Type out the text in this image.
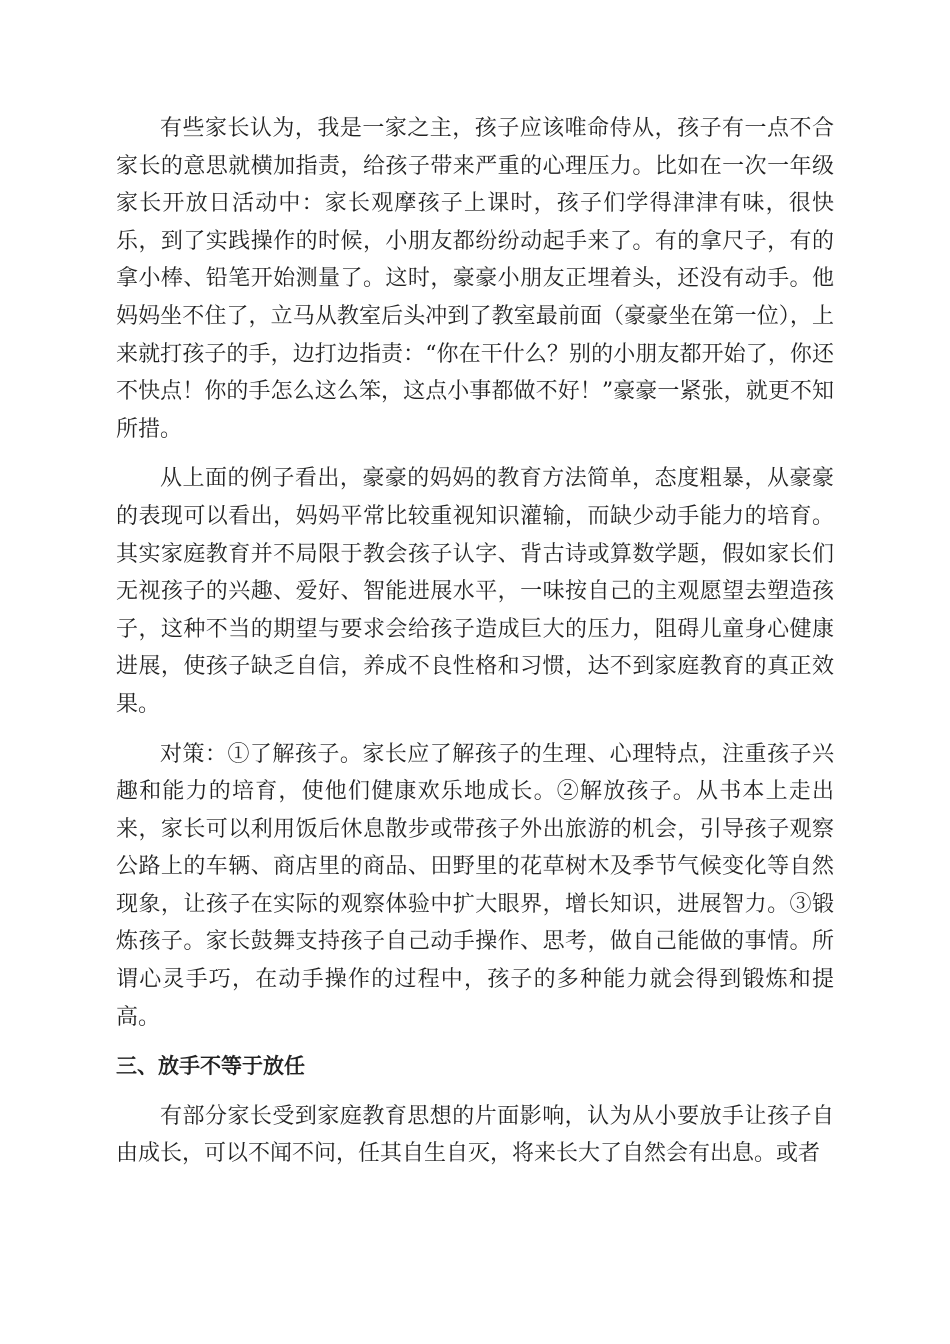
有些家长认为，我是一家之主，孩子应该唯命侍从，孩子有一点不合家长的意思就横加指责，给孩子带来严重的心理压力。比如在一次一年级家长开放日活动中：家长观摩孩子上课时，孩子们学得津津有味，很快乐，到了实践操作的时候，小朋友都纷纷动起手来了。有的拿尺子，有的拿小棒、铅笔开始测量了。这时，豪豪小朋友正埋着头，还没有动手。他妈妈坐不住了，立马从教室后头冲到了教室最前面（豪豪坐在第一位），上来就打孩子的手，边打边指责：“你在干什么？别的小朋友都开始了，你还不快点！你的手怎么这么笨，这点小事都做不好！”豪豪一紧张，就更不知所措。

从上面的例子看出，豪豪的妈妈的教育方法简单，态度粗暴，从豪豪的表现可以看出，妈妈平常比较重视知识灌输，而缺少动手能力的培育。其实家庭教育并不局限于教会孩子认字、背古诗或算数学题，假如家长们无视孩子的兴趣、爱好、智能进展水平，一味按自己的主观愿望去塑造孩子，这种不当的期望与要求会给孩子造成巨大的压力，阻碍儿童身心健康进展，使孩子缺乏自信，养成不良性格和习惯，达不到家庭教育的真正效果。

对策：①了解孩子。家长应了解孩子的生理、心理特点，注重孩子兴趣和能力的培育，使他们健康欢乐地成长。②解放孩子。从书本上走出来，家长可以利用饭后休息散步或带孩子外出旅游的机会，引导孩子观察公路上的车辆、商店里的商品、田野里的花草树木及季节气候变化等自然现象，让孩子在实际的观察体验中扩大眼界，增长知识，进展智力。③锻炼孩子。家长鼓舞支持孩子自己动手操作、思考，做自己能做的事情。所谓心灵手巧，在动手操作的过程中，孩子的多种能力就会得到锻炼和提高。

三、放手不等于放任

有部分家长受到家庭教育思想的片面影响，认为从小要放手让孩子自由成长，可以不闻不问，任其自生自灭，将来长大了自然会有出息。或者
